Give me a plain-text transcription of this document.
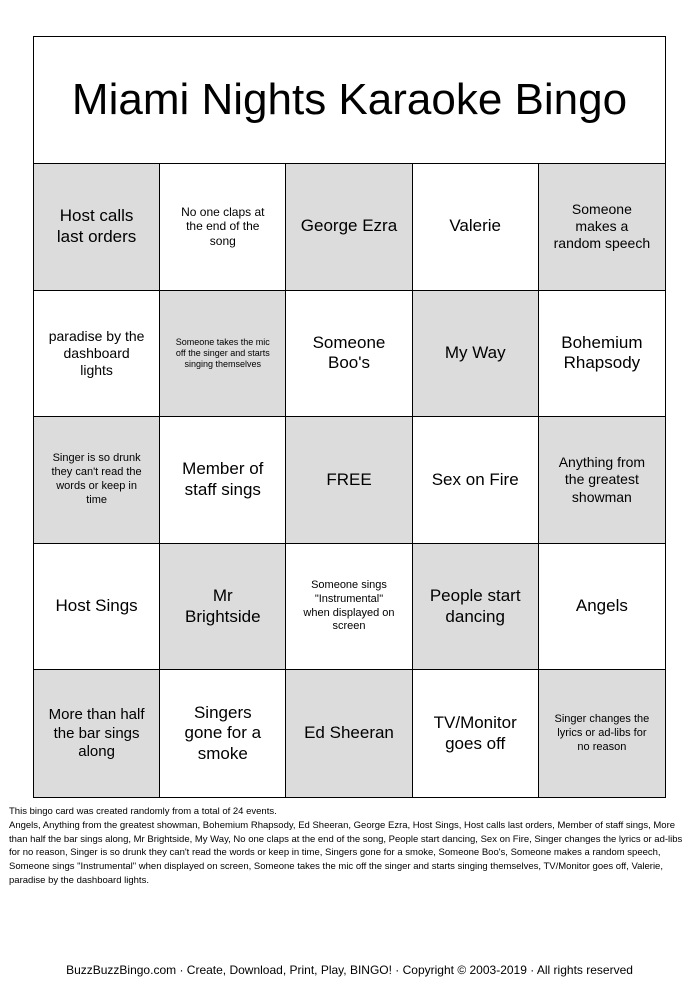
Miami Nights Karaoke Bingo
Host calls last orders
No one claps at the end of the song
George Ezra	Valerie
Someone makes a random speech
paradise by the dashboard lights
Someone takes the mic off the singer and starts singing themselves
Someone Boo's
My Way
Bohemium Rhapsody
Singer is so drunk they can't read the words or keep in time
Member of staff sings
FREE	Sex on Fire
Anything from the greatest showman
Host Sings
Mr Brightside
Someone sings "Instrumental" when displayed on screen
People start dancing
Angels
More than half the bar sings along
Singers gone for a smoke
Ed Sheeran
TV/Monitor goes off
Singer changes the lyrics or ad-libs for no reason
This bingo card was created randomly from a total of 24 events.
Angels, Anything from the greatest showman, Bohemium Rhapsody, Ed Sheeran, George Ezra, Host Sings, Host calls last orders, Member of staff sings, More than half the bar sings along, Mr Brightside, My Way, No one claps at the end of the song, People start dancing, Sex on Fire, Singer changes the lyrics or ad-libs for no reason, Singer is so drunk they can't read the words or keep in time, Singers gone for a smoke, Someone Boo's, Someone makes a random speech, Someone sings "Instrumental" when displayed on screen, Someone takes the mic off the singer and starts singing themselves, TV/Monitor goes off, Valerie, paradise by the dashboard lights.
BuzzBuzzBingo.com · Create, Download, Print, Play, BINGO! · Copyright © 2003-2019 · All rights reserved
